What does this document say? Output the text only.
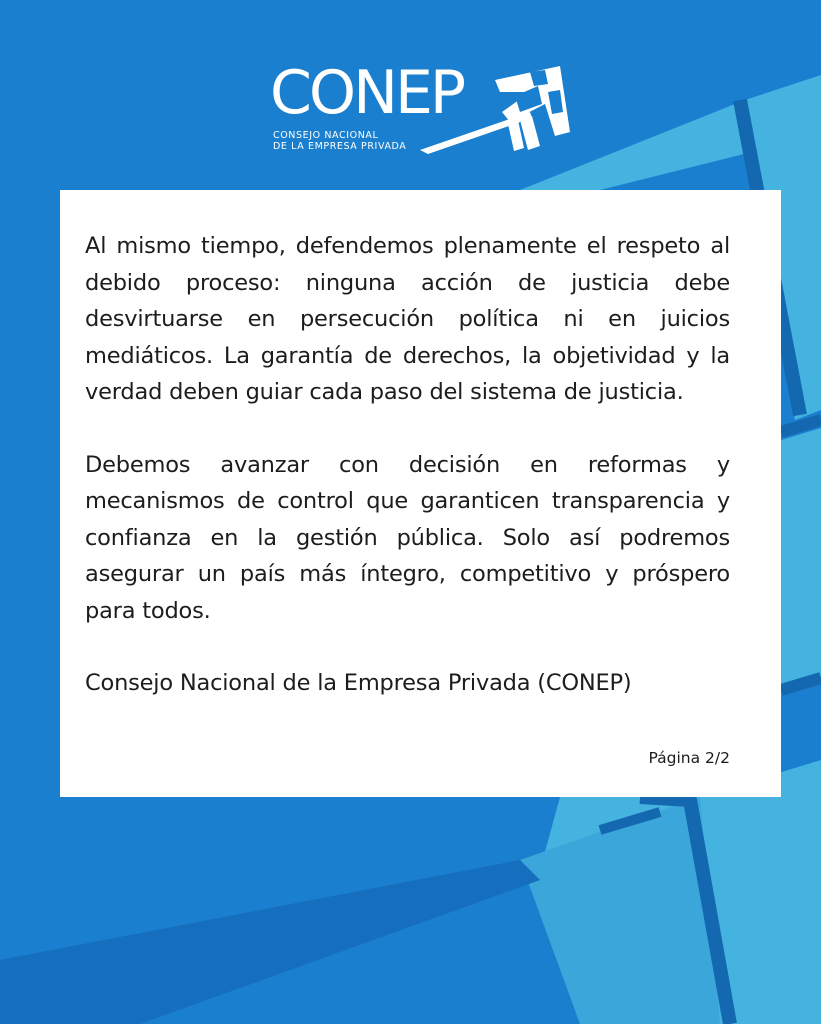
CONEP
CONSEJO NACIONAL
DE LA EMPRESA PRIVADA

Al mismo tiempo, defendemos plenamente el respeto al debido proceso: ninguna acción de justicia debe desvirtuarse en persecución política ni en juicios mediáticos. La garantía de derechos, la objetividad y la verdad deben guiar cada paso del sistema de justicia.

Debemos avanzar con decisión en reformas y mecanismos de control que garanticen transparencia y confianza en la gestión pública. Solo así podremos asegurar un país más íntegro, competitivo y próspero para todos.

Consejo Nacional de la Empresa Privada (CONEP)

Página 2/2
